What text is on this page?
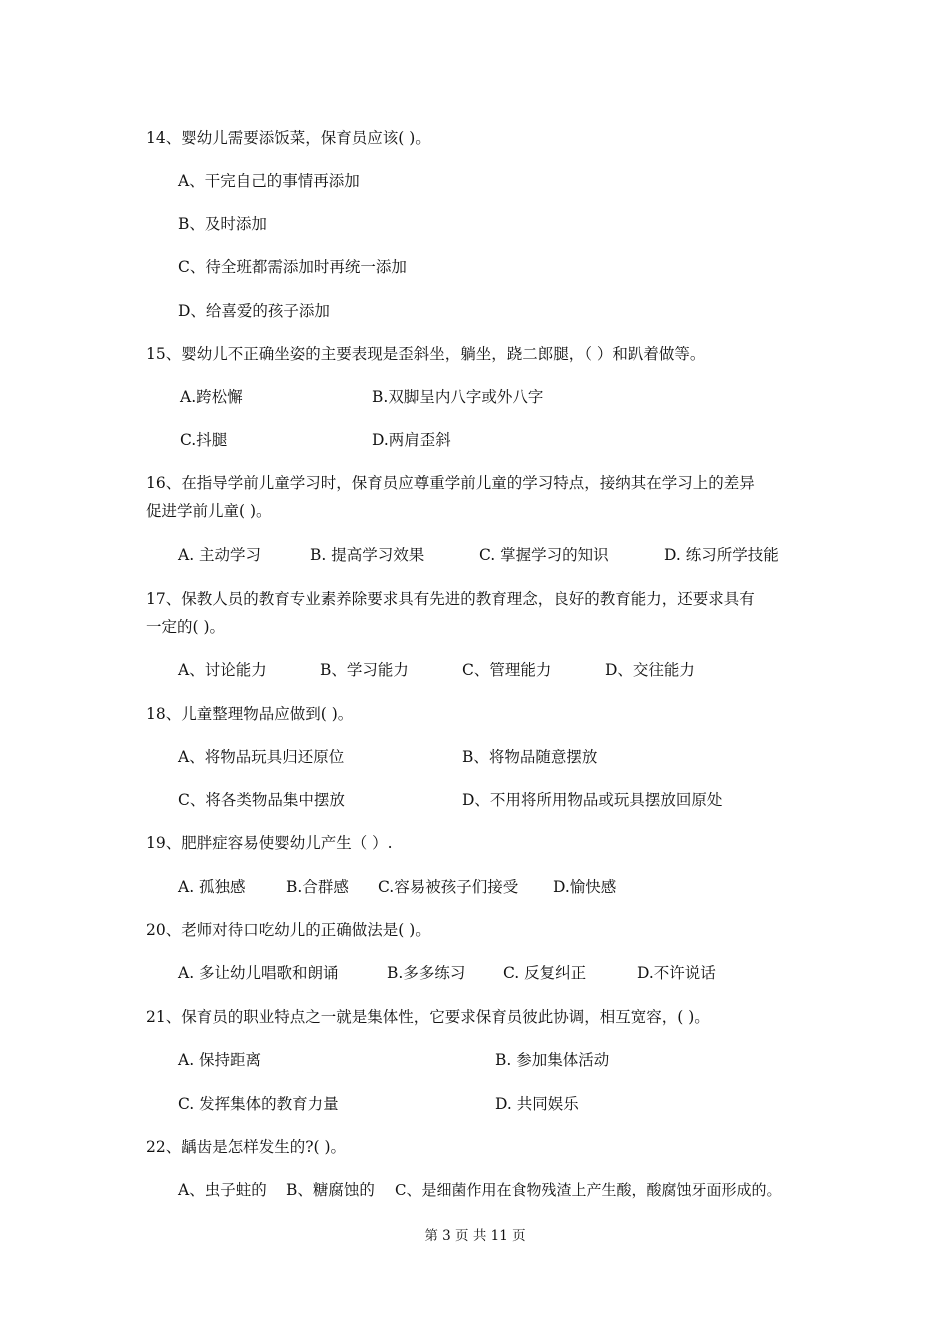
14、婴幼儿需要添饭菜，保育员应该( )。
A、干完自己的事情再添加
B、及时添加
C、待全班都需添加时再统一添加
D、给喜爱的孩子添加
15、婴幼儿不正确坐姿的主要表现是歪斜坐，躺坐，跷二郎腿，（ ）和趴着做等。
A.跨松懈	B.双脚呈内八字或外八字
C.抖腿	D.两肩歪斜
16、在指导学前儿童学习时，保育员应尊重学前儿童的学习特点，接纳其在学习上的差异
促进学前儿童( )。
A. 主动学习	B. 提高学习效果	C. 掌握学习的知识	D. 练习所学技能
17、保教人员的教育专业素养除要求具有先进的教育理念，良好的教育能力，还要求具有
一定的( )。
A、讨论能力	B、学习能力	C、管理能力	D、交往能力
18、儿童整理物品应做到( )。
A、将物品玩具归还原位	B、将物品随意摆放
C、将各类物品集中摆放	D、不用将所用物品或玩具摆放回原处
19、肥胖症容易使婴幼儿产生（ ）.
A. 孤独感	B.合群感 C.容易被孩子们接受 D.愉快感
20、老师对待口吃幼儿的正确做法是( )。
A. 多让幼儿唱歌和朗诵	B.多多练习 C. 反复纠正	D.不许说话
21、保育员的职业特点之一就是集体性，它要求保育员彼此协调，相互宽容，( )。
A. 保持距离	B. 参加集体活动
C. 发挥集体的教育力量	D. 共同娱乐
22、龋齿是怎样发生的?( )。
A、虫子蛀的 B、糖腐蚀的 C、是细菌作用在食物残渣上产生酸，酸腐蚀牙面形成的。
第 3 页 共 11 页
